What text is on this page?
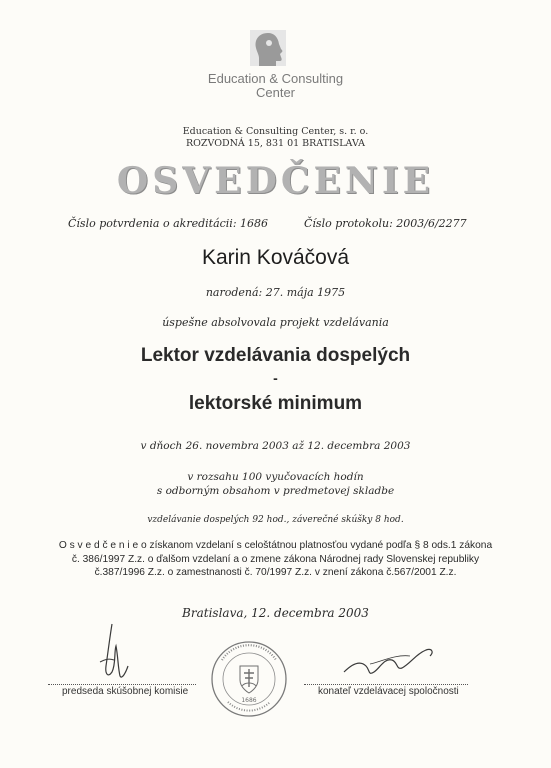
Education & Consulting
Center
Education & Consulting Center, s. r. o.
ROZVODNÁ 15, 831 01 BRATISLAVA
OSVEDČENIE
Číslo potvrdenia o akreditácii: 1686	Číslo protokolu: 2003/6/2277
Karin Kováčová
narodená: 27. mája 1975
úspešne absolvovala projekt vzdelávania
Lektor vzdelávania dospelých
-
lektorské minimum
v dňoch 26. novembra 2003 až 12. decembra 2003
v rozsahu 100 vyučovacích hodín
s odborným obsahom v predmetovej skladbe
vzdelávanie dospelých 92 hod., záverečné skúšky 8 hod.
O s v e d č e n i e o získanom vzdelaní s celoštátnou platnosťou vydané podľa § 8 ods.1 zákona č. 386/1997 Z.z. o ďalšom vzdelaní a o zmene zákona Národnej rady Slovenskej republiky č.387/1996 Z.z. o zamestnanosti č. 70/1997 Z.z. v znení zákona č.567/2001 Z.z.
Bratislava, 12. decembra 2003
predseda skúšobnej komisie
1686
konateľ vzdelávacej spoločnosti
